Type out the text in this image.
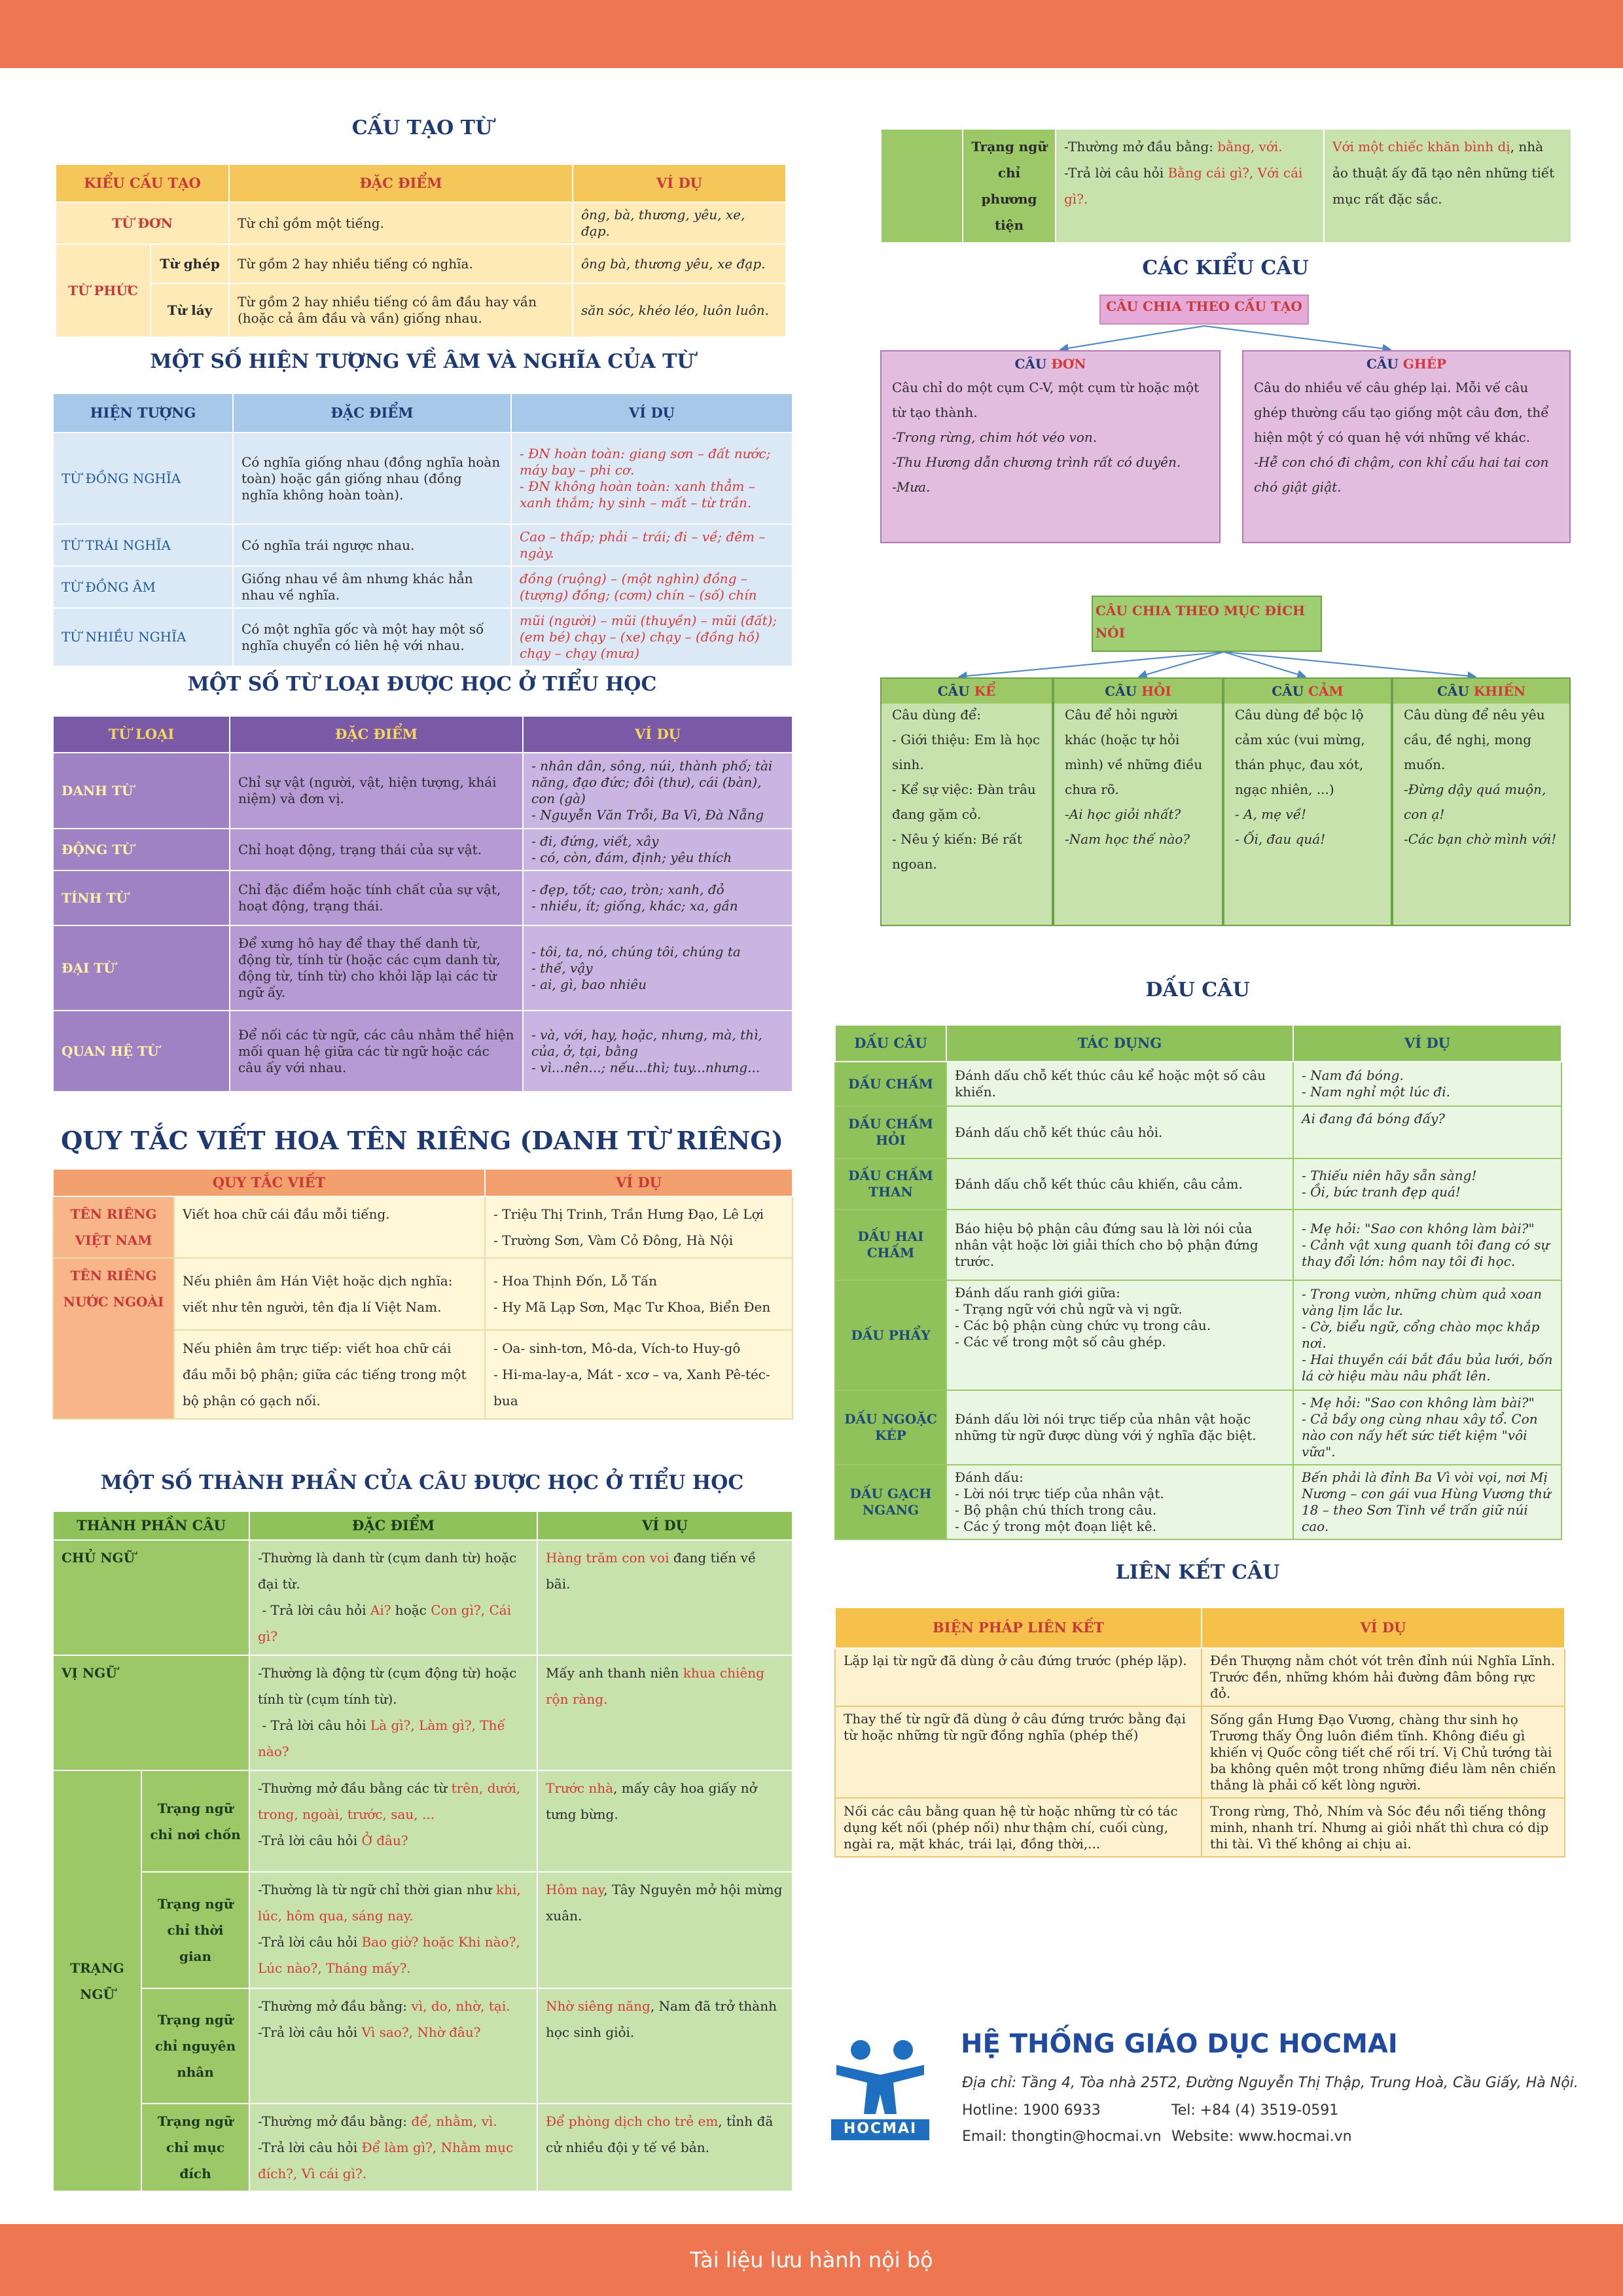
CẤU TẠO TỪ
KIỂU CẤU TẠO		ĐẶC ĐIỂM	VÍ DỤ
TỪ ĐƠN		Từ chỉ gồm một tiếng.	ông, bà, thương, yêu, xe, đạp.
TỪ PHỨC	Từ ghép	Từ gồm 2 hay nhiều tiếng có nghĩa.	ông bà, thương yêu, xe đạp.
	Từ láy	Từ gồm 2 hay nhiều tiếng có âm đầu hay vần (hoặc cả âm đầu và vần) giống nhau.	săn sóc, khéo léo, luôn luôn.
MỘT SỐ HIỆN TƯỢNG VỀ ÂM VÀ NGHĨA CỦA TỪ
HIỆN TƯỢNG	ĐẶC ĐIỂM	VÍ DỤ
TỪ ĐỒNG NGHĨA	Có nghĩa giống nhau (đồng nghĩa hoàn toàn) hoặc gần giống nhau (đồng nghĩa không hoàn toàn).	- ĐN hoàn toàn: giang sơn – đất nước; máy bay – phi cơ.
- ĐN không hoàn toàn: xanh thẳm – xanh thắm; hy sinh – mất – từ trần.

TỪ TRÁI NGHĨA	Có nghĩa trái ngược nhau.	Cao – thấp; phải – trái; đi – về; đêm – ngày.
TỪ ĐỒNG ÂM	Giống nhau về âm nhưng khác hẳn nhau về nghĩa.	đồng (ruộng) – (một nghìn) đồng – (tượng) đồng; (cơm) chín – (số) chín
TỪ NHIỀU NGHĨA	Có một nghĩa gốc và một hay một số nghĩa chuyển có liên hệ với nhau.	mũi (người) – mũi (thuyền) – mũi (đất); (em bé) chạy – (xe) chạy – (đồng hồ) chạy – chạy (mưa)
MỘT SỐ TỪ LOẠI ĐƯỢC HỌC Ở TIỂU HỌC
TỪ LOẠI	ĐẶC ĐIỂM	VÍ DỤ
DANH TỪ	Chỉ sự vật (người, vật, hiện tượng, khái niệm) và đơn vị.	- nhân dân, sông, núi, thành phố; tài năng, đạo đức; đôi (thư), cái (bàn), con (gà)
- Nguyễn Văn Trỗi, Ba Vì, Đà Nẵng
ĐỘNG TỪ	Chỉ hoạt động, trạng thái của sự vật.	- đi, đứng, viết, xây
- có, còn, đám, định; yêu thích
TÍNH TỪ	Chỉ đặc điểm hoặc tính chất của sự vật, hoạt động, trạng thái.	- đẹp, tốt; cao, tròn; xanh, đỏ
- nhiều, ít; giống, khác; xa, gần
ĐẠI TỪ	Để xưng hô hay để thay thế danh từ, động từ, tính từ (hoặc các cụm danh từ, động từ, tính từ) cho khỏi lặp lại các từ ngữ ấy.	- tôi, ta, nó, chúng tôi, chúng ta
- thế, vậy
- ai, gì, bao nhiêu
QUAN HỆ TỪ	Để nối các từ ngữ, các câu nhằm thể hiện mối quan hệ giữa các từ ngữ hoặc các câu ấy với nhau.	- và, với, hay, hoặc, nhưng, mà, thì, của, ở, tại, bằng
- vì...nên...; nếu...thì; tuy...nhưng...
QUY TẮC VIẾT HOA TÊN RIÊNG (DANH TỪ RIÊNG)
QUY TẮC VIẾT		VÍ DỤ
TÊN RIÊNG VIỆT NAM	Viết hoa chữ cái đầu mỗi tiếng.	- Triệu Thị Trinh, Trần Hưng Đạo, Lê Lợi
- Trường Sơn, Vàm Cỏ Đông, Hà Nội
TÊN RIÊNG NƯỚC NGOÀI	Nếu phiên âm Hán Việt hoặc dịch nghĩa: viết như tên người, tên địa lí Việt Nam.	- Hoa Thịnh Đốn, Lỗ Tấn
- Hy Mã Lạp Sơn, Mạc Tư Khoa, Biển Đen
	Nếu phiên âm trực tiếp: viết hoa chữ cái đầu mỗi bộ phận; giữa các tiếng trong một bộ phận có gạch nối.	- Oa- sinh-tơn, Mô-da, Vích-to Huy-gô
- Hi-ma-lay-a, Mát - xcơ – va, Xanh Pê-téc-bua
MỘT SỐ THÀNH PHẦN CỦA CÂU ĐƯỢC HỌC Ở TIỂU HỌC
THÀNH PHẦN CÂU		ĐẶC ĐIỂM	VÍ DỤ
CHỦ NGỮ		-Thường là danh từ (cụm danh từ) hoặc đại từ.
- Trả lời câu hỏi Ai? hoặc Con gì?, Cái gì?	Hàng trăm con voi đang tiến về bãi.
VỊ NGỮ		-Thường là động từ (cụm động từ) hoặc tính từ (cụm tính từ).
- Trả lời câu hỏi Là gì?, Làm gì?, Thế nào?	Mấy anh thanh niên khua chiêng rộn ràng.
TRẠNG NGỮ	Trạng ngữ chỉ nơi chốn	-Thường mở đầu bằng các từ trên, dưới, trong, ngoài, trước, sau, ...
-Trả lời câu hỏi Ở đâu?	Trước nhà, mấy cây hoa giấy nở tưng bừng.
	Trạng ngữ chỉ thời gian	-Thường là từ ngữ chỉ thời gian như khi, lúc, hôm qua, sáng nay.
-Trả lời câu hỏi Bao giờ? hoặc Khi nào?, Lúc nào?, Tháng mấy?.	Hôm nay, Tây Nguyên mở hội mừng xuân.
	Trạng ngữ chỉ nguyên nhân	-Thường mở đầu bằng: vì, do, nhờ, tại.
-Trả lời câu hỏi Vì sao?, Nhờ đâu?	Nhờ siêng năng, Nam đã trở thành học sinh giỏi.
	Trạng ngữ chỉ mục đích	-Thường mở đầu bằng: để, nhằm, vì.
-Trả lời câu hỏi Để làm gì?, Nhằm mục đích?, Vì cái gì?.	Để phòng dịch cho trẻ em, tỉnh đã cử nhiều đội y tế về bản.
	Trạng ngữ chỉ phương tiện	-Thường mở đầu bằng: bằng, với.
-Trả lời câu hỏi Bằng cái gì?, Với cái gì?.	Với một chiếc khăn bình dị, nhà ảo thuật ấy đã tạo nên những tiết mục rất đặc sắc.
CÁC KIỂU CÂU
CÂU CHIA THEO CẤU TẠO
CÂU ĐƠN
Câu chỉ do một cụm C-V, một cụm từ hoặc một từ tạo thành.
-Trong rừng, chim hót véo von.
-Thu Hương dẫn chương trình rất có duyên.
-Mưa.
CÂU GHÉP
Câu do nhiều vế câu ghép lại. Mỗi vế câu ghép thường cấu tạo giống một câu đơn, thể hiện một ý có quan hệ với những vế khác.
-Hễ con chó đi chậm, con khỉ cấu hai tai con chó giật giật.
CÂU CHIA THEO MỤC ĐÍCH NÓI
CÂU KỂ
Câu dùng để:
- Giới thiệu: Em là học sinh.
- Kể sự việc: Đàn trâu đang gặm cỏ.
- Nêu ý kiến: Bé rất ngoan.
CÂU HỎI
Câu để hỏi người khác (hoặc tự hỏi mình) về những điều chưa rõ.
-Ai học giỏi nhất?
-Nam học thế nào?
CÂU CẢM
Câu dùng để bộc lộ cảm xúc (vui mừng, thán phục, đau xót, ngạc nhiên, ...)
- A, mẹ về!
- Ối, đau quá!
CÂU KHIẾN
Câu dùng để nêu yêu cầu, đề nghị, mong muốn.
-Đừng dậy quá muộn, con ạ!
-Các bạn chờ mình với!
DẤU CÂU
DẤU CÂU	TÁC DỤNG	VÍ DỤ
DẤU CHẤM	Đánh dấu chỗ kết thúc câu kể hoặc một số câu khiến.	- Nam đá bóng.
- Nam nghỉ một lúc đi.
DẤU CHẤM HỎI	Đánh dấu chỗ kết thúc câu hỏi.	Ai đang đá bóng đấy?
DẤU CHẤM THAN	Đánh dấu chỗ kết thúc câu khiến, câu cảm.	- Thiếu niên hãy sẵn sàng!
- Ồi, bức tranh đẹp quá!
DẤU HAI CHẤM	Báo hiệu bộ phận câu đứng sau là lời nói của nhân vật hoặc lời giải thích cho bộ phận đứng trước.	- Mẹ hỏi: "Sao con không làm bài?"
- Cảnh vật xung quanh tôi đang có sự thay đổi lớn: hôm nay tôi đi học.
DẤU PHẨY	Đánh dấu ranh giới giữa:
- Trạng ngữ với chủ ngữ và vị ngữ.
- Các bộ phận cùng chức vụ trong câu.
- Các vế trong một số câu ghép.	- Trong vườn, những chùm quả xoan vàng lịm lắc lư.
- Cờ, biểu ngữ, cổng chào mọc khắp nơi.
- Hai thuyền cái bắt đầu bủa lưới, bốn lá cờ hiệu màu nâu phất lên.
DẤU NGOẶC KÉP	Đánh dấu lời nói trực tiếp của nhân vật hoặc những từ ngữ được dùng với ý nghĩa đặc biệt.	- Mẹ hỏi: "Sao con không làm bài?"
- Cả bầy ong cùng nhau xây tổ. Con nào con nấy hết sức tiết kiệm "vôi vữa".
DẤU GẠCH NGANG	Đánh dấu:
- Lời nói trực tiếp của nhân vật.
- Bộ phận chú thích trong câu.
- Các ý trong một đoạn liệt kê.	Bến phải là đỉnh Ba Vì vòi vọi, nơi Mị Nương – con gái vua Hùng Vương thứ 18 – theo Sơn Tinh về trấn giữ núi cao.
LIÊN KẾT CÂU
BIỆN PHÁP LIÊN KẾT	VÍ DỤ
Lặp lại từ ngữ đã dùng ở câu đứng trước (phép lặp).	Đền Thượng nằm chót vót trên đỉnh núi Nghĩa Lĩnh. Trước đền, những khóm hải đường đâm bông rực đỏ.
Thay thế từ ngữ đã dùng ở câu đứng trước bằng đại từ hoặc những từ ngữ đồng nghĩa (phép thế)	Sống gần Hưng Đạo Vương, chàng thư sinh họ Trương thấy Ông luôn điềm tĩnh. Không điều gì khiến vị Quốc công tiết chế rối trí. Vị Chủ tướng tài ba không quên một trong những điều làm nên chiến thắng là phải cố kết lòng người.
Nối các câu bằng quan hệ từ hoặc những từ có tác dụng kết nối (phép nối) như thậm chí, cuối cùng, ngài ra, mặt khác, trái lại, đồng thời,...	Trong rừng, Thỏ, Nhím và Sóc đều nổi tiếng thông minh, nhanh trí. Nhưng ai giỏi nhất thì chưa có dịp thi tài. Vì thế không ai chịu ai.
HOCMAI
HỆ THỐNG GIÁO DỤC HOCMAI
Địa chỉ: Tầng 4, Tòa nhà 25T2, Đường Nguyễn Thị Thập, Trung Hoà, Cầu Giấy, Hà Nội.
Hotline: 1900 6933	Tel: +84 (4) 3519-0591
Email: thongtin@hocmai.vn Website: www.hocmai.vn
Tài liệu lưu hành nội bộ
